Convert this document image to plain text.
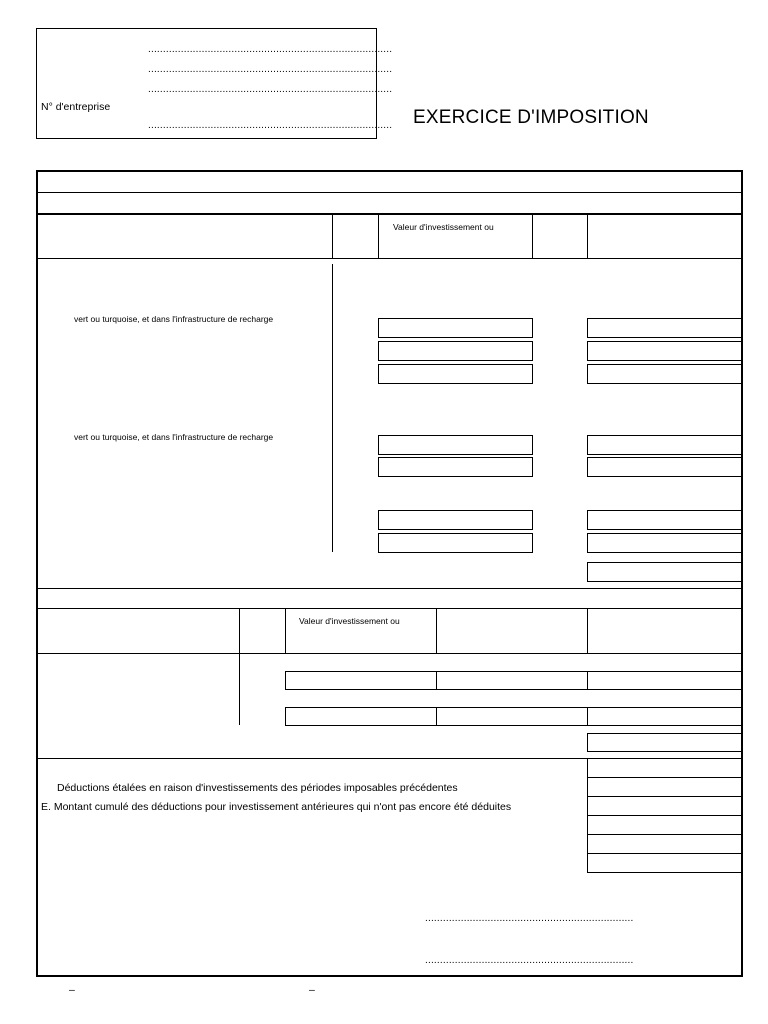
..................................................................................
..................................................................................
..................................................................................
N° d'entreprise
.................................................................................. EXERCICE D'IMPOSITION
Valeur d'investissement ou
vert ou turquoise, et dans l'infrastructure de recharge
vert ou turquoise, et dans l'infrastructure de recharge
Valeur d'investissement ou
Déductions étalées en raison d'investissements des périodes imposables précédentes
E. Montant cumulé des déductions pour investissement antérieures qui n'ont pas encore été déduites
......................................................................
......................................................................
–	–
